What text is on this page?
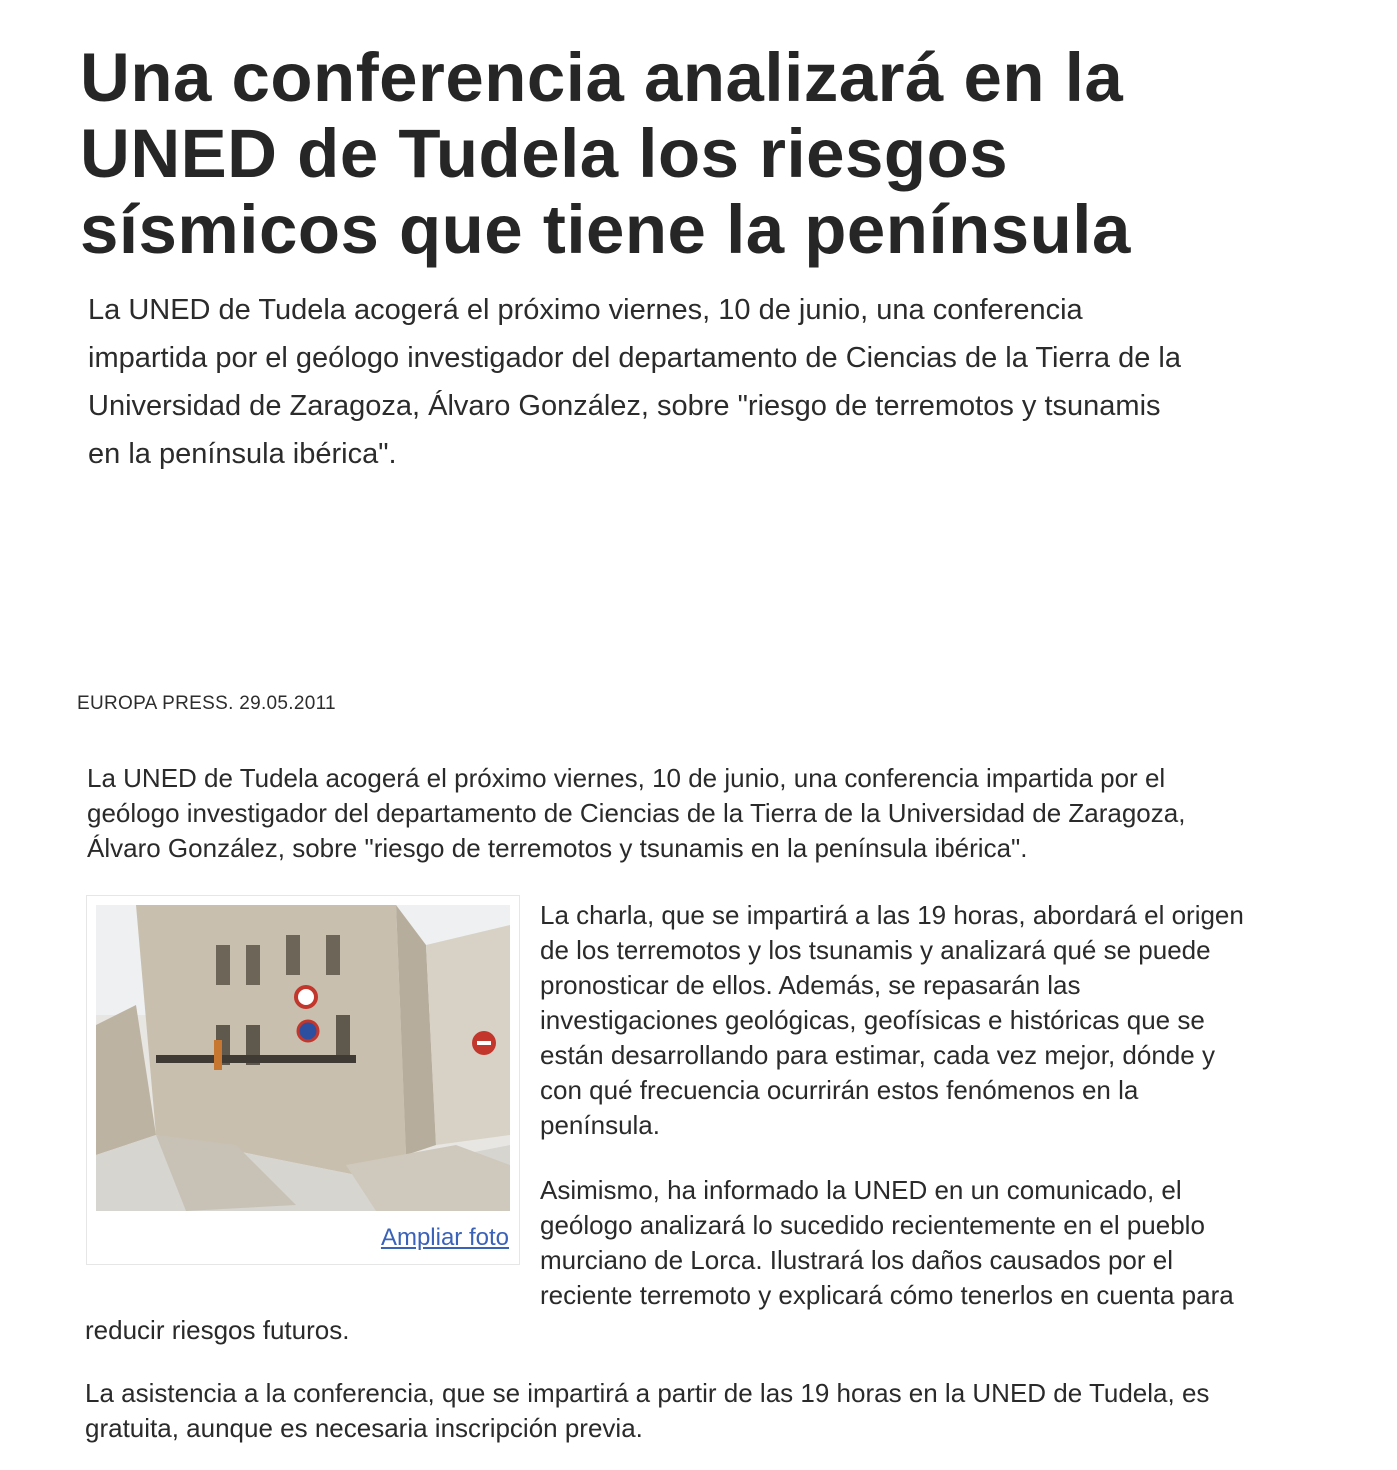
Una conferencia analizará en la
UNED de Tudela los riesgos
sísmicos que tiene la península
La UNED de Tudela acogerá el próximo viernes, 10 de junio, una conferencia
impartida por el geólogo investigador del departamento de Ciencias de la Tierra de la
Universidad de Zaragoza, Álvaro González, sobre "riesgo de terremotos y tsunamis
en la península ibérica".
EUROPA PRESS. 29.05.2011
La UNED de Tudela acogerá el próximo viernes, 10 de junio, una conferencia impartida por el
geólogo investigador del departamento de Ciencias de la Tierra de la Universidad de Zaragoza,
Álvaro González, sobre "riesgo de terremotos y tsunamis en la península ibérica".
Ampliar foto
La charla, que se impartirá a las 19 horas, abordará el origen
de los terremotos y los tsunamis y analizará qué se puede
pronosticar de ellos. Además, se repasarán las
investigaciones geológicas, geofísicas e históricas que se
están desarrollando para estimar, cada vez mejor, dónde y
con qué frecuencia ocurrirán estos fenómenos en la
península.
Asimismo, ha informado la UNED en un comunicado, el
geólogo analizará lo sucedido recientemente en el pueblo
murciano de Lorca. Ilustrará los daños causados por el
reciente terremoto y explicará cómo tenerlos en cuenta para
reducir riesgos futuros.
La asistencia a la conferencia, que se impartirá a partir de las 19 horas en la UNED de Tudela, es
gratuita, aunque es necesaria inscripción previa.
